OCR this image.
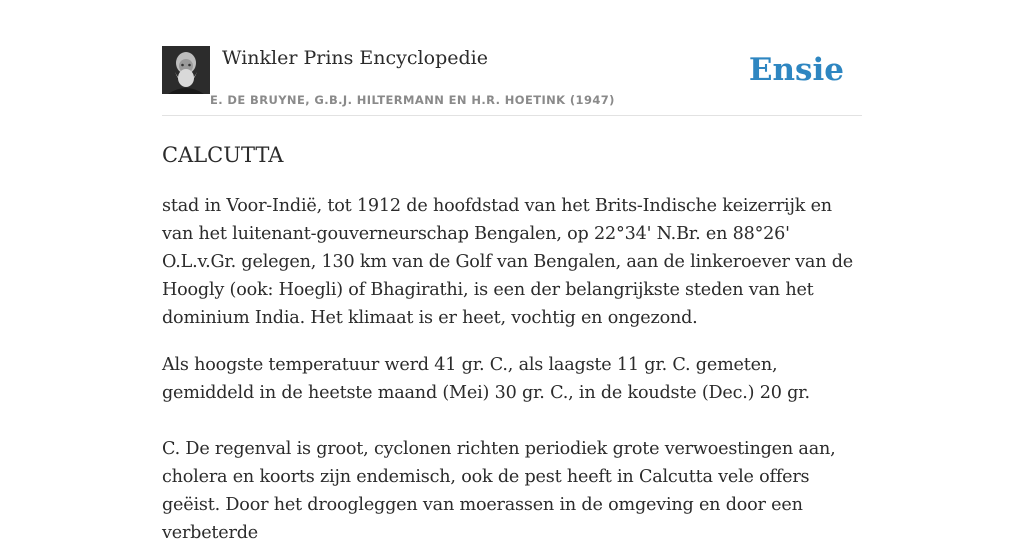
Winkler Prins Encyclopedie
E. DE BRUYNE, G.B.J. HILTERMANN EN H.R. HOETINK (1947)
Ensie
CALCUTTA

stad in Voor-Indië, tot 1912 de hoofdstad van het Brits-Indische keizerrijk en van het luitenant-gouverneurschap Bengalen, op 22°34' N.Br. en 88°26' O.L.v.Gr. gelegen, 130 km van de Golf van Bengalen, aan de linkeroever van de Hoogly (ook: Hoegli) of Bhagirathi, is een der belangrijkste steden van het dominium India. Het klimaat is er heet, vochtig en ongezond.

Als hoogste temperatuur werd 41 gr. C., als laagste 11 gr. C. gemeten, gemiddeld in de heetste maand (Mei) 30 gr. C., in de koudste (Dec.) 20 gr.

C. De regenval is groot, cyclonen richten periodiek grote verwoestingen aan, cholera en koorts zijn endemisch, ook de pest heeft in Calcutta vele offers geëist. Door het droogleggen van moerassen in de omgeving en door een verbeterde
